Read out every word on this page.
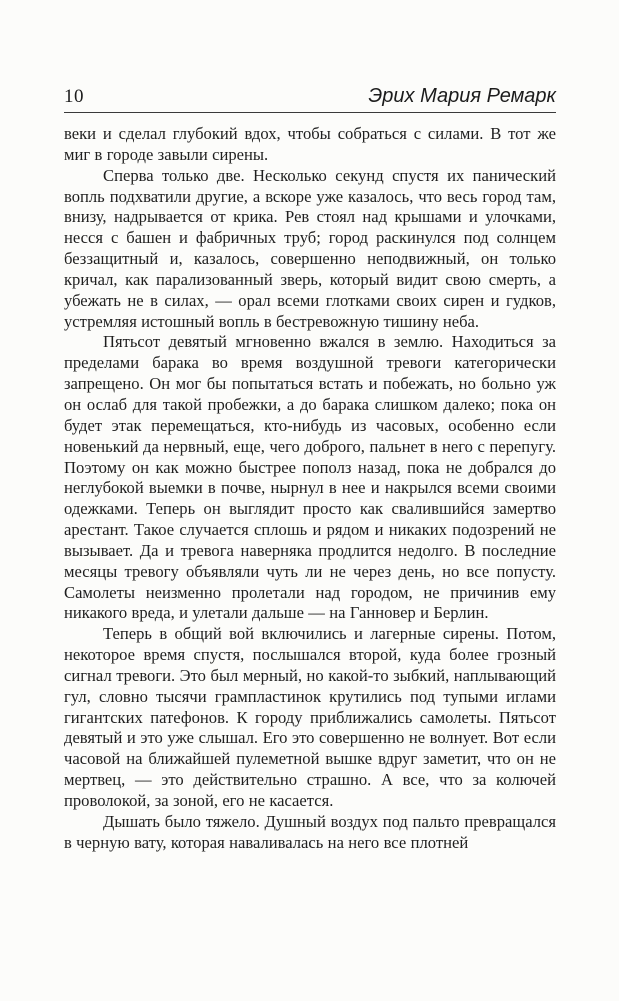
10	Эрих Мария Ремарк

веки и сделал глубокий вдох, чтобы собраться с силами. В тот же миг в городе завыли сирены.

Сперва только две. Несколько секунд спустя их панический вопль подхватили другие, а вскоре уже казалось, что весь город там, внизу, надрывается от крика. Рев стоял над крышами и улочками, несся с башен и фабричных труб; город раскинулся под солнцем беззащитный и, казалось, совершенно неподвижный, он только кричал, как парализованный зверь, который видит свою смерть, а убежать не в силах, — орал всеми глотками своих сирен и гудков, устремляя истошный вопль в бестревожную тишину неба.

Пятьсот девятый мгновенно вжался в землю. Находиться за пределами барака во время воздушной тревоги категорически запрещено. Он мог бы попытаться встать и побежать, но больно уж он ослаб для такой пробежки, а до барака слишком далеко; пока он будет этак перемещаться, кто-нибудь из часовых, особенно если новенький да нервный, еще, чего доброго, пальнет в него с перепугу. Поэтому он как можно быстрее пополз назад, пока не добрался до неглубокой выемки в почве, нырнул в нее и накрылся всеми своими одежками. Теперь он выглядит просто как свалившийся замертво арестант. Такое случается сплошь и рядом и никаких подозрений не вызывает. Да и тревога наверняка продлится недолго. В последние месяцы тревогу объявляли чуть ли не через день, но все попусту. Самолеты неизменно пролетали над городом, не причинив ему никакого вреда, и улетали дальше — на Ганновер и Берлин.

Теперь в общий вой включились и лагерные сирены. Потом, некоторое время спустя, послышался второй, куда более грозный сигнал тревоги. Это был мерный, но какой-то зыбкий, наплывающий гул, словно тысячи грампластинок крутились под тупыми иглами гигантских патефонов. К городу приближались самолеты. Пятьсот девятый и это уже слышал. Его это совершенно не волнует. Вот если часовой на ближайшей пулеметной вышке вдруг заметит, что он не мертвец, — это действительно страшно. А все, что за колючей проволокой, за зоной, его не касается.

Дышать было тяжело. Душный воздух под пальто превращался в черную вату, которая наваливалась на него все плотней
